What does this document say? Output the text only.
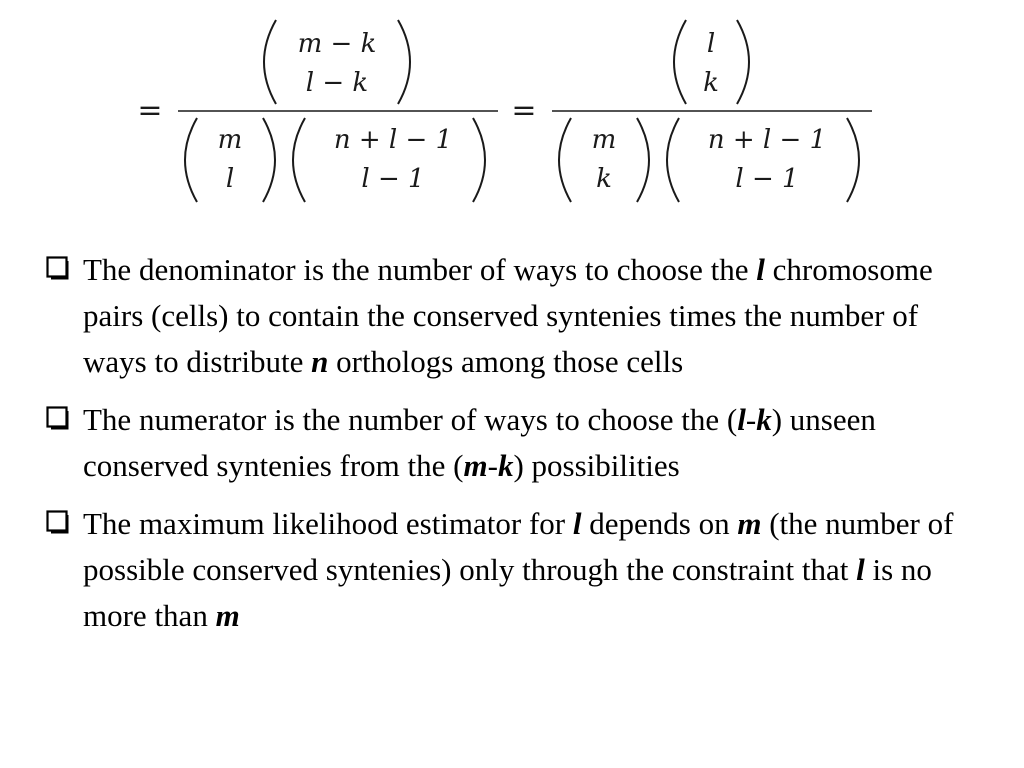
=
m − k
l − k
m
l
n + l − 1
l − 1
=
l
k
m
k
n + l − 1
l − 1
The denominator is the number of ways to choose the l chromosome pairs (cells) to contain the conserved syntenies times the number of ways to distribute n orthologs among those cells
The numerator is the number of ways to choose the (l-k) unseen conserved syntenies from the (m-k) possibilities
The maximum likelihood estimator for l depends on m (the number of possible conserved syntenies) only through the constraint that l is no more than m
